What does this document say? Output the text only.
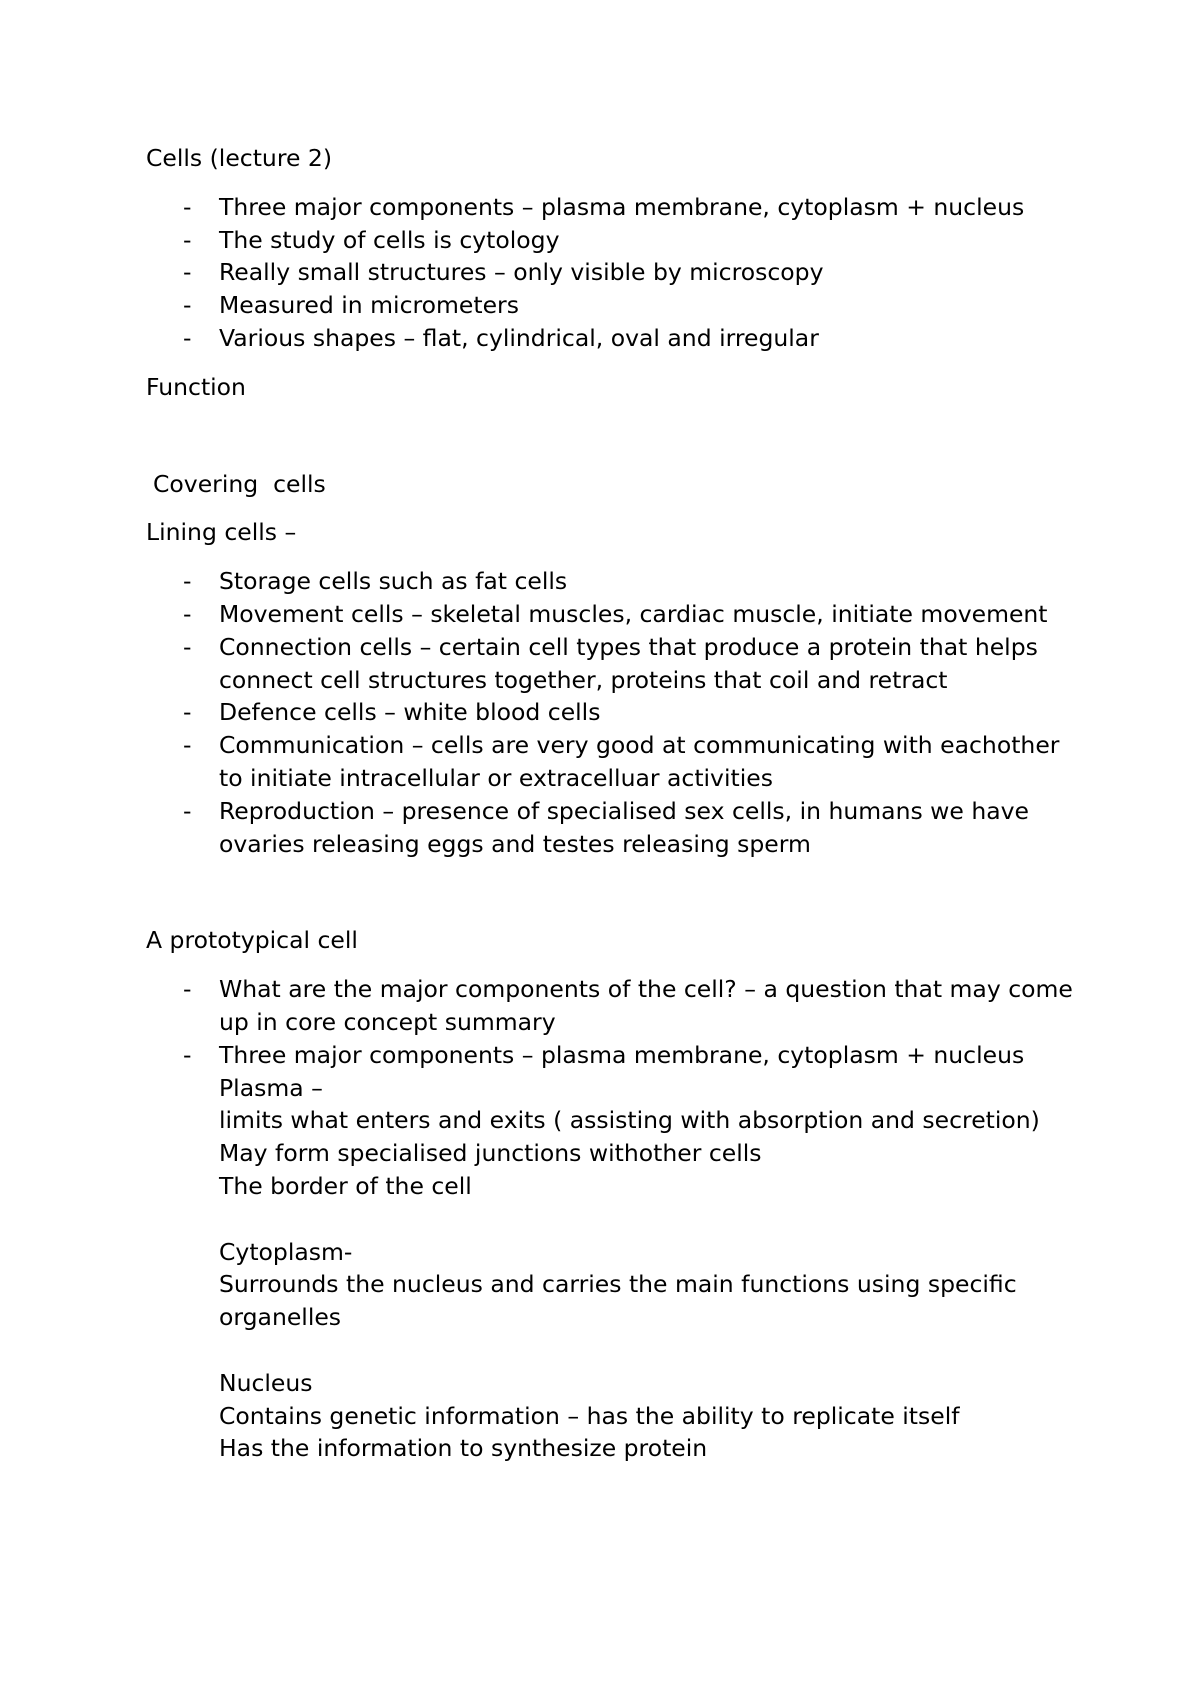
Cells (lecture 2)
- Three major components – plasma membrane, cytoplasm + nucleus
- The study of cells is cytology
- Really small structures – only visible by microscopy
- Measured in micrometers
- Various shapes – flat, cylindrical, oval and irregular
Function
Covering  cells
Lining cells –
- Storage cells such as fat cells
- Movement cells – skeletal muscles, cardiac muscle, initiate movement
- Connection cells – certain cell types that produce a protein that helps connect cell structures together, proteins that coil and retract
- Defence cells – white blood cells
- Communication – cells are very good at communicating with eachother to initiate intracellular or extracelluar activities
- Reproduction – presence of specialised sex cells, in humans we have ovaries releasing eggs and testes releasing sperm
A prototypical cell
- What are the major components of the cell? – a question that may come up in core concept summary
- Three major components – plasma membrane, cytoplasm + nucleus
Plasma –
limits what enters and exits ( assisting with absorption and secretion)
May form specialised junctions withother cells
The border of the cell
Cytoplasm-
Surrounds the nucleus and carries the main functions using specific organelles
Nucleus
Contains genetic information – has the ability to replicate itself
Has the information to synthesize protein
